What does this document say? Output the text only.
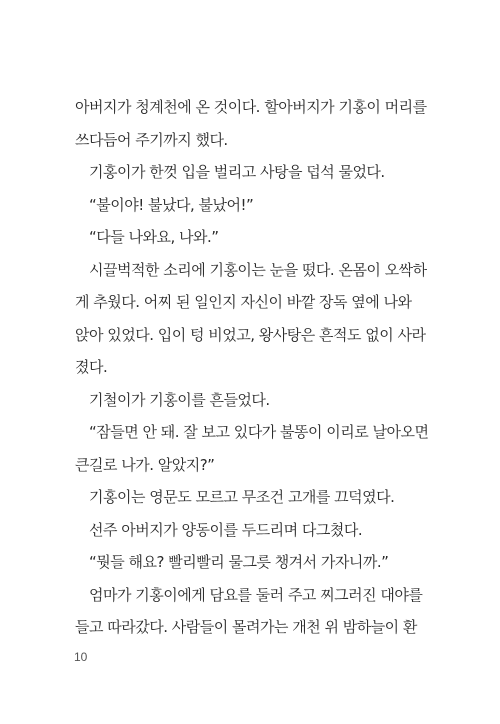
아버지가 청계천에 온 것이다. 할아버지가 기홍이 머리를
쓰다듬어 주기까지 했다.
기홍이가 한껏 입을 벌리고 사탕을 덥석 물었다.
“불이야! 불났다, 불났어!”
“다들 나와요, 나와.”
시끌벅적한 소리에 기홍이는 눈을 떴다. 온몸이 오싹하
게 추웠다. 어찌 된 일인지 자신이 바깥 장독 옆에 나와
앉아 있었다. 입이 텅 비었고, 왕사탕은 흔적도 없이 사라
졌다.
기철이가 기홍이를 흔들었다.
“잠들면 안 돼. 잘 보고 있다가 불똥이 이리로 날아오면
큰길로 나가. 알았지?”
기홍이는 영문도 모르고 무조건 고개를 끄덕였다.
선주 아버지가 양동이를 두드리며 다그쳤다.
“뭣들 해요? 빨리빨리 물그릇 챙겨서 가자니까.”
엄마가 기홍이에게 담요를 둘러 주고 찌그러진 대야를
들고 따라갔다. 사람들이 몰려가는 개천 위 밤하늘이 환
10
